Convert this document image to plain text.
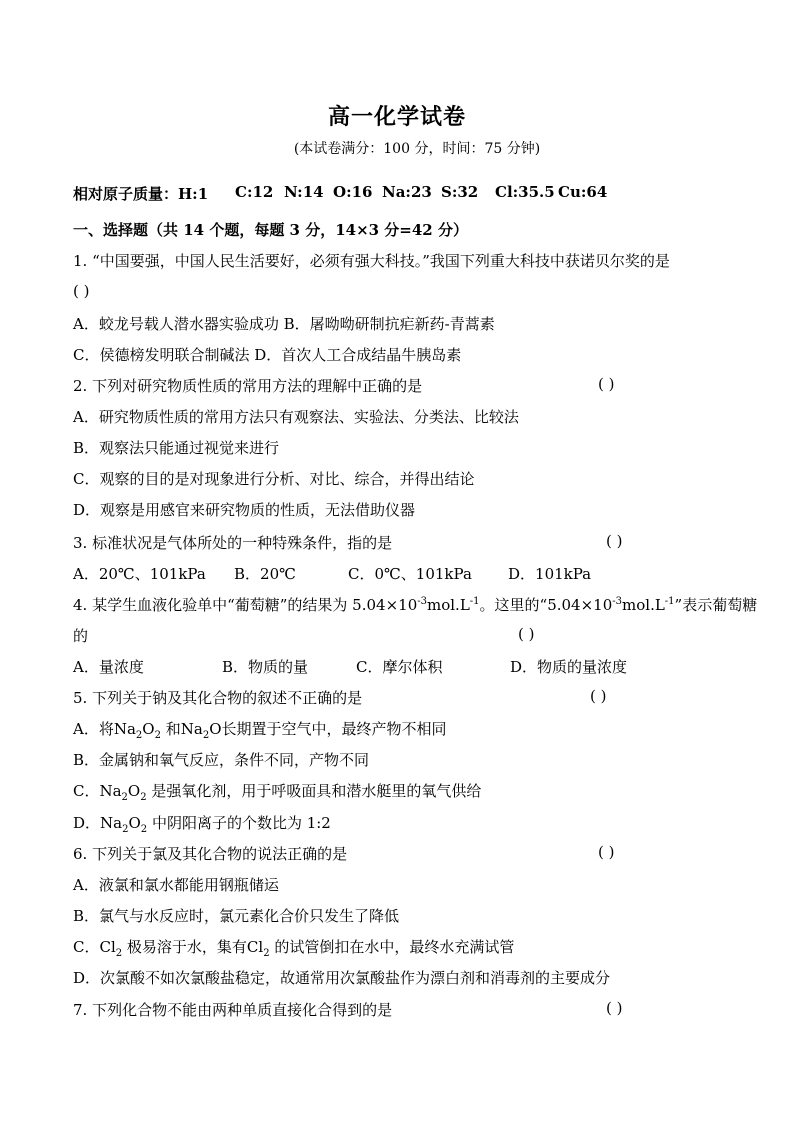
高一化学试卷
(本试卷满分：100 分，时间：75 分钟)
相对原子质量：H:1 C:12 N:14 O:16 Na:23 S:32 Cl:35.5 Cu:64
一、选择题（共 14 个题，每题 3 分，14×3 分=42 分）
1. “中国要强，中国人民生活要好，必须有强大科技。”我国下列重大科技中获诺贝尔奖的是
( )
A．蛟龙号载人潜水器实验成功 B．屠呦呦研制抗疟新药-青蒿素
C．侯德榜发明联合制碱法 D．首次人工合成结晶牛胰岛素
2. 下列对研究物质性质的常用方法的理解中正确的是	( )
A．研究物质性质的常用方法只有观察法、实验法、分类法、比较法
B．观察法只能通过视觉来进行
C．观察的目的是对现象进行分析、对比、综合，并得出结论
D．观察是用感官来研究物质的性质，无法借助仪器
3. 标准状况是气体所处的一种特殊条件，指的是	( )
A．20℃、101kPa B．20℃	C．0℃、101kPa D．101kPa
4. 某学生血液化验单中“葡萄糖”的结果为 $5.04\times 10^{-3}mol.L^{-1}$。这里的“$5.04\times 10^{-3}mol.L^{-1}$”表示葡萄糖
的	( )
A．量浓度	B．物质的量	C．摩尔体积	D．物质的量浓度
5. 下列关于钠及其化合物的叙述不正确的是	( )
A．将$Na_2O_2$ 和$Na_2O$长期置于空气中，最终产物不相同
B．金属钠和氧气反应，条件不同，产物不同
C．$Na_2O_2$ 是强氧化剂，用于呼吸面具和潜水艇里的氧气供给
D．$Na_2O_2$ 中阴阳离子的个数比为 1:2
6. 下列关于氯及其化合物的说法正确的是	( )
A．液氯和氯水都能用钢瓶储运
B．氯气与水反应时，氯元素化合价只发生了降低
C．$Cl_2$ 极易溶于水，集有$Cl_2$ 的试管倒扣在水中，最终水充满试管
D．次氯酸不如次氯酸盐稳定，故通常用次氯酸盐作为漂白剂和消毒剂的主要成分
7. 下列化合物不能由两种单质直接化合得到的是	( )
